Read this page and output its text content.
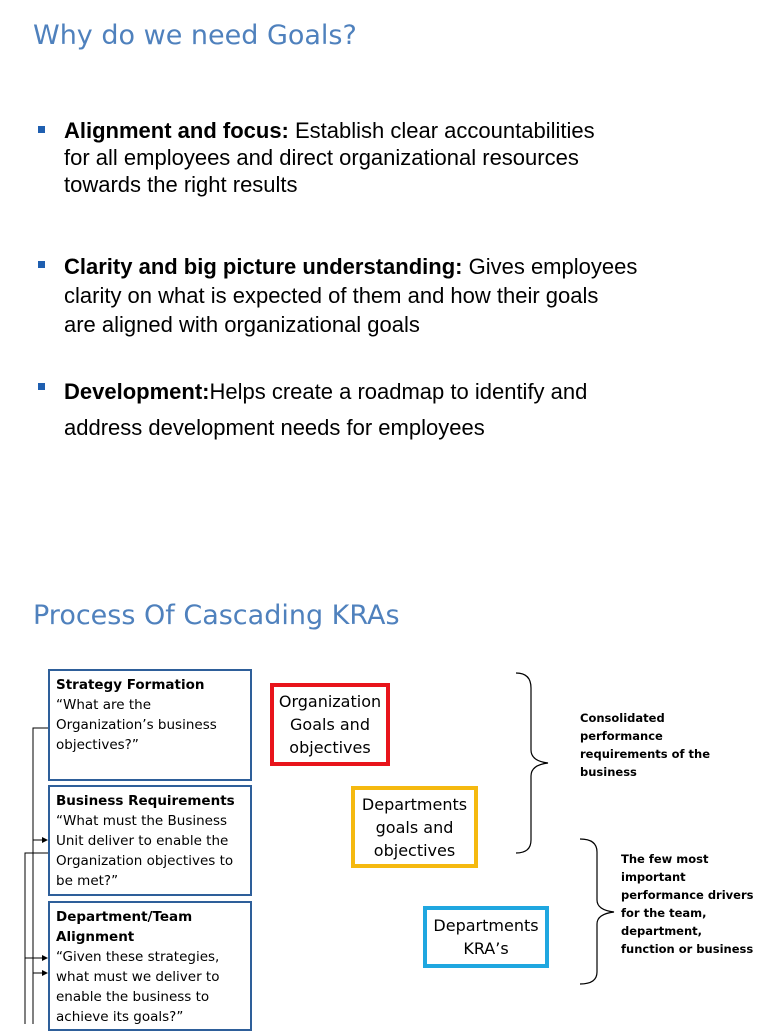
Why do we need Goals?
Alignment and focus: Establish clear accountabilities
for all employees and direct organizational resources
towards the right results
Clarity and big picture understanding: Gives employees
clarity on what is expected of them and how their goals
are aligned with organizational goals
Development:Helps create a roadmap to identify and
address development needs for employees
Process Of Cascading KRAs
Strategy Formation
“What are the Organization’s business objectives?”
Business Requirements
“What must the Business Unit deliver to enable the Organization objectives to be met?”
Department/Team Alignment
“Given these strategies, what must we deliver to enable the business to achieve its goals?”
Organization Goals and objectives
Departments goals and objectives
Departments KRA’s
Consolidated performance requirements of the business
The few most important performance drivers for the team, department, function or business
